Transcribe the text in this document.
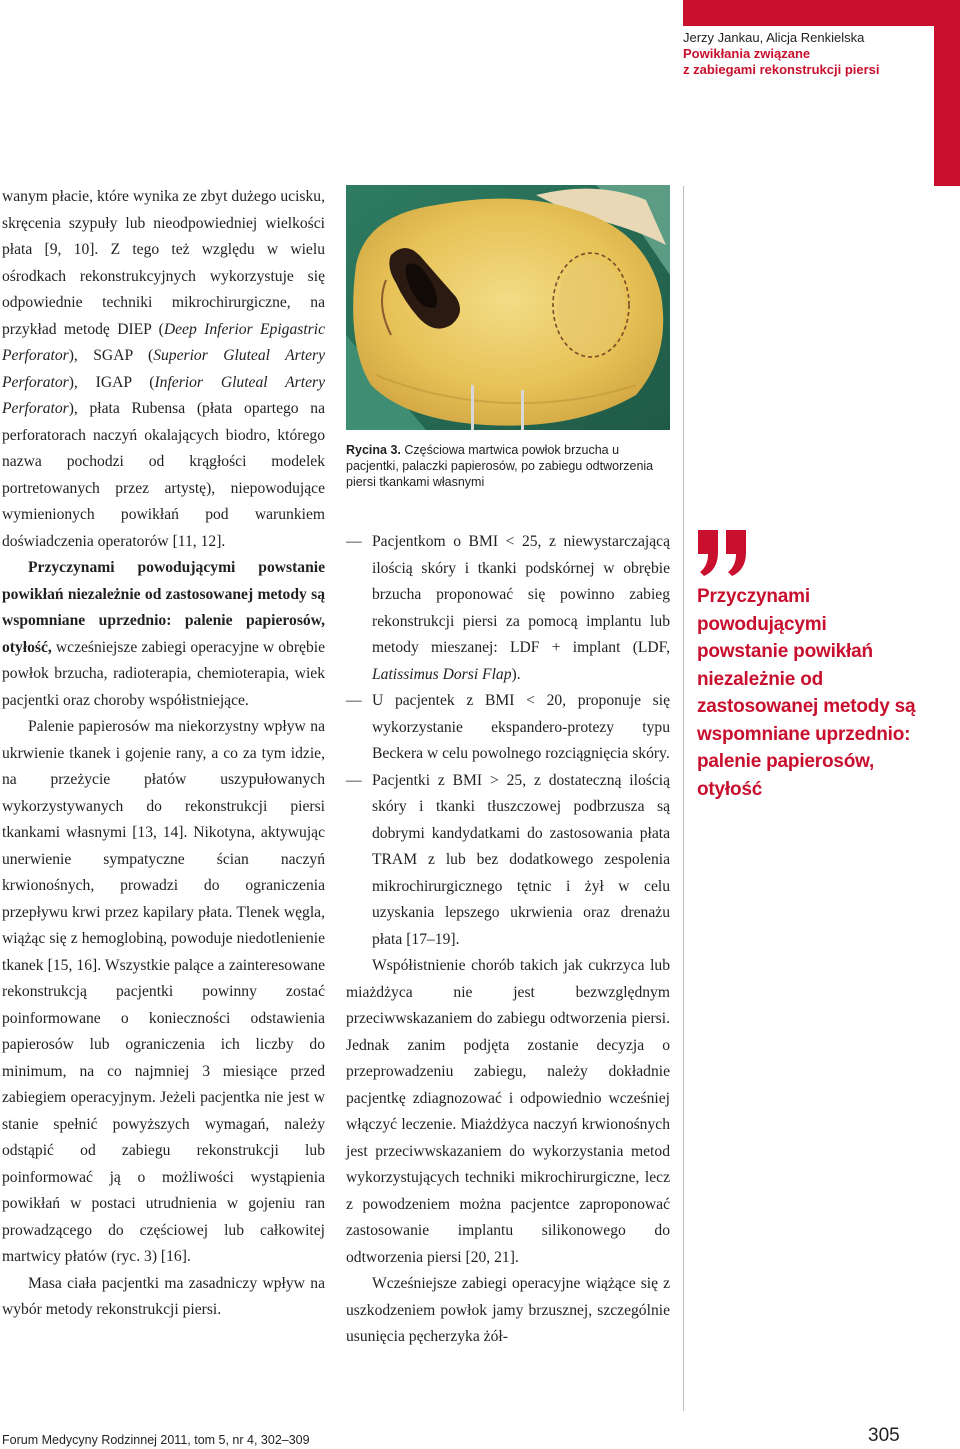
Jerzy Jankau, Alicja Renkielska
Powikłania związane
z zabiegami rekonstrukcji piersi

wanym płacie, które wynika ze zbyt dużego ucisku, skręcenia szypuły lub nieodpowiedniej wielkości płata [9, 10]. Z tego też względu w wielu ośrodkach rekonstrukcyjnych wykorzystuje się odpowiednie techniki mikrochirurgiczne, na przykład metodę DIEP (Deep Inferior Epigastric Perforator), SGAP (Superior Gluteal Artery Perforator), IGAP (Inferior Gluteal Artery Perforator), płata Rubensa (płata opartego na perforatorach naczyń okalających biodro, którego nazwa pochodzi od krągłości modelek portretowanych przez artystę), niepowodujące wymienionych powikłań pod warunkiem doświadczenia operatorów [11, 12].

Przyczynami powodującymi powstanie powikłań niezależnie od zastosowanej metody są wspomniane uprzednio: palenie papierosów, otyłość, wcześniejsze zabiegi operacyjne w obrębie powłok brzucha, radioterapia, chemioterapia, wiek pacjentki oraz choroby współistniejące.

Palenie papierosów ma niekorzystny wpływ na ukrwienie tkanek i gojenie rany, a co za tym idzie, na przeżycie płatów uszypułowanych wykorzystywanych do rekonstrukcji piersi tkankami własnymi [13, 14]. Nikotyna, aktywując unerwienie sympatyczne ścian naczyń krwionośnych, prowadzi do ograniczenia przepływu krwi przez kapilary płata. Tlenek węgla, wiążąc się z hemoglobiną, powoduje niedotlenienie tkanek [15, 16]. Wszystkie palące a zainteresowane rekonstrukcją pacjentki powinny zostać poinformowane o konieczności odstawienia papierosów lub ograniczenia ich liczby do minimum, na co najmniej 3 miesiące przed zabiegiem operacyjnym. Jeżeli pacjentka nie jest w stanie spełnić powyższych wymagań, należy odstąpić od zabiegu rekonstrukcji lub poinformować ją o możliwości wystąpienia powikłań w postaci utrudnienia w gojeniu ran prowadzącego do częściowej lub całkowitej martwicy płatów (ryc. 3) [16].

Masa ciała pacjentki ma zasadniczy wpływ na wybór metody rekonstrukcji piersi.

Rycina 3. Częściowa martwica powłok brzucha u pacjentki, palaczki papierosów, po zabiegu odtworzenia piersi tkankami własnymi

— Pacjentkom o BMI < 25, z niewystarczającą ilością skóry i tkanki podskórnej w obrębie brzucha proponować się powinno zabieg rekonstrukcji piersi za pomocą implantu lub metody mieszanej: LDF + implant (LDF, Latissimus Dorsi Flap).

— U pacjentek z BMI < 20, proponuje się wykorzystanie ekspandero-protezy typu Beckera w celu powolnego rozciągnięcia skóry.

— Pacjentki z BMI > 25, z dostateczną ilością skóry i tkanki tłuszczowej podbrzusza są dobrymi kandydatkami do zastosowania płata TRAM z lub bez dodatkowego zespolenia mikrochirurgicznego tętnic i żył w celu uzyskania lepszego ukrwienia oraz drenażu płata [17–19].

Współistnienie chorób takich jak cukrzyca lub miażdżyca nie jest bezwzględnym przeciwwskazaniem do zabiegu odtworzenia piersi. Jednak zanim podjęta zostanie decyzja o przeprowadzeniu zabiegu, należy dokładnie pacjentkę zdiagnozować i odpowiednio wcześniej włączyć leczenie. Miażdżyca naczyń krwionośnych jest przeciwwskazaniem do wykorzystania metod wykorzystujących techniki mikrochirurgiczne, lecz z powodzeniem można pacjentce zaproponować zastosowanie implantu silikonowego do odtworzenia piersi [20, 21].

Wcześniejsze zabiegi operacyjne wiążące się z uszkodzeniem powłok jamy brzusznej, szczególnie usunięcia pęcherzyka żół-

Przyczynami powodującymi powstanie powikłań niezależnie od zastosowanej metody są wspomniane uprzednio: palenie papierosów, otyłość
Forum Medycyny Rodzinnej 2011, tom 5, nr 4, 302–309	305
